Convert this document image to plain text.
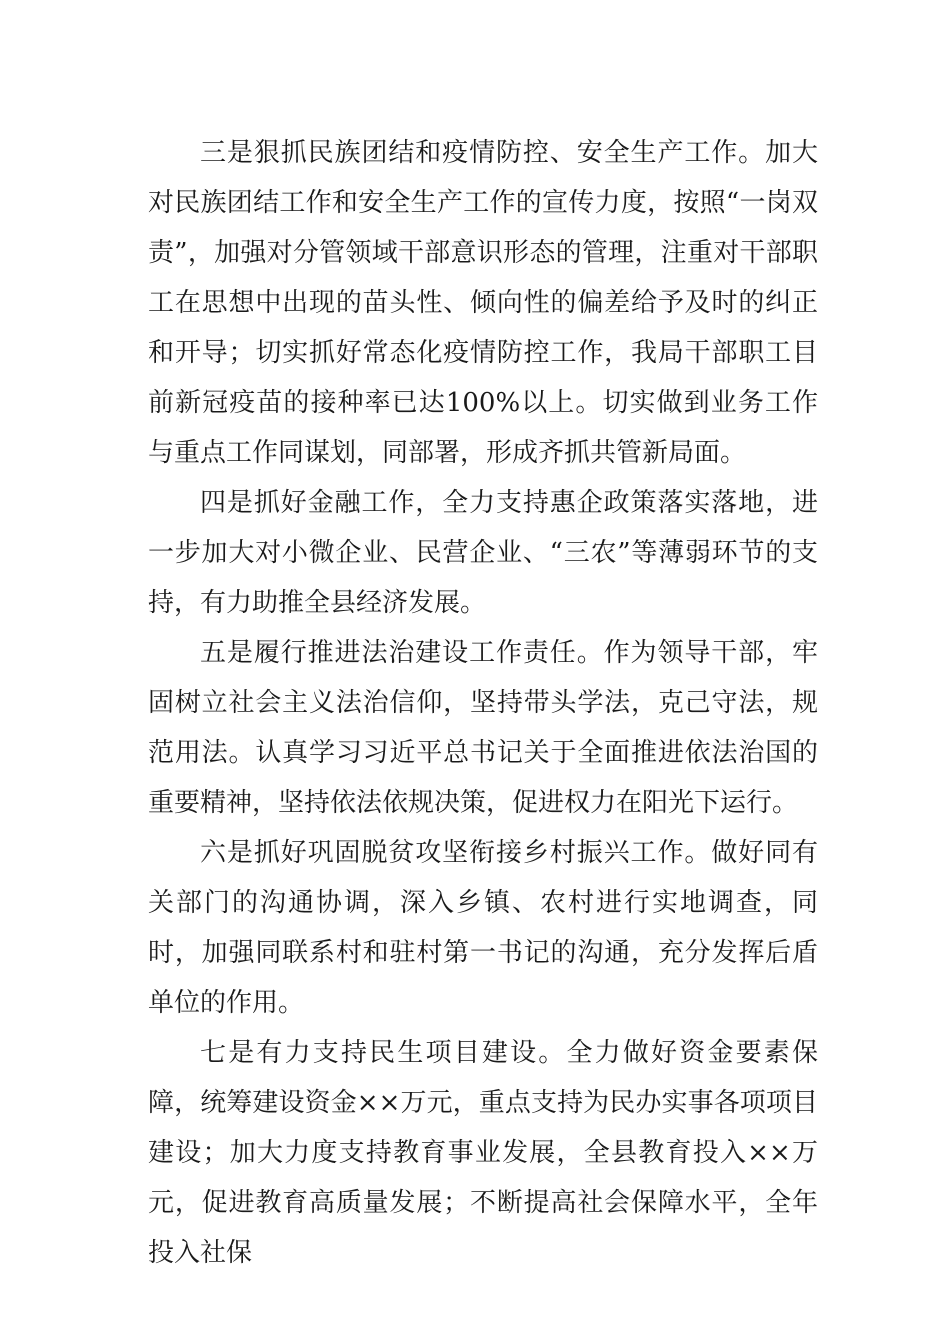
三是狠抓民族团结和疫情防控、安全生产工作。加大对民族团结工作和安全生产工作的宣传力度，按照“一岗双责”，加强对分管领域干部意识形态的管理，注重对干部职工在思想中出现的苗头性、倾向性的偏差给予及时的纠正和开导；切实抓好常态化疫情防控工作，我局干部职工目前新冠疫苗的接种率已达100%以上。切实做到业务工作与重点工作同谋划，同部署，形成齐抓共管新局面。

四是抓好金融工作，全力支持惠企政策落实落地，进一步加大对小微企业、民营企业、“三农”等薄弱环节的支持，有力助推全县经济发展。

五是履行推进法治建设工作责任。作为领导干部，牢固树立社会主义法治信仰，坚持带头学法，克己守法，规范用法。认真学习习近平总书记关于全面推进依法治国的重要精神，坚持依法依规决策，促进权力在阳光下运行。

六是抓好巩固脱贫攻坚衔接乡村振兴工作。做好同有关部门的沟通协调，深入乡镇、农村进行实地调查，同时，加强同联系村和驻村第一书记的沟通，充分发挥后盾单位的作用。

七是有力支持民生项目建设。全力做好资金要素保障，统筹建设资金××万元，重点支持为民办实事各项项目建设；加大力度支持教育事业发展，全县教育投入××万元，促进教育高质量发展；不断提高社会保障水平，全年投入社保
